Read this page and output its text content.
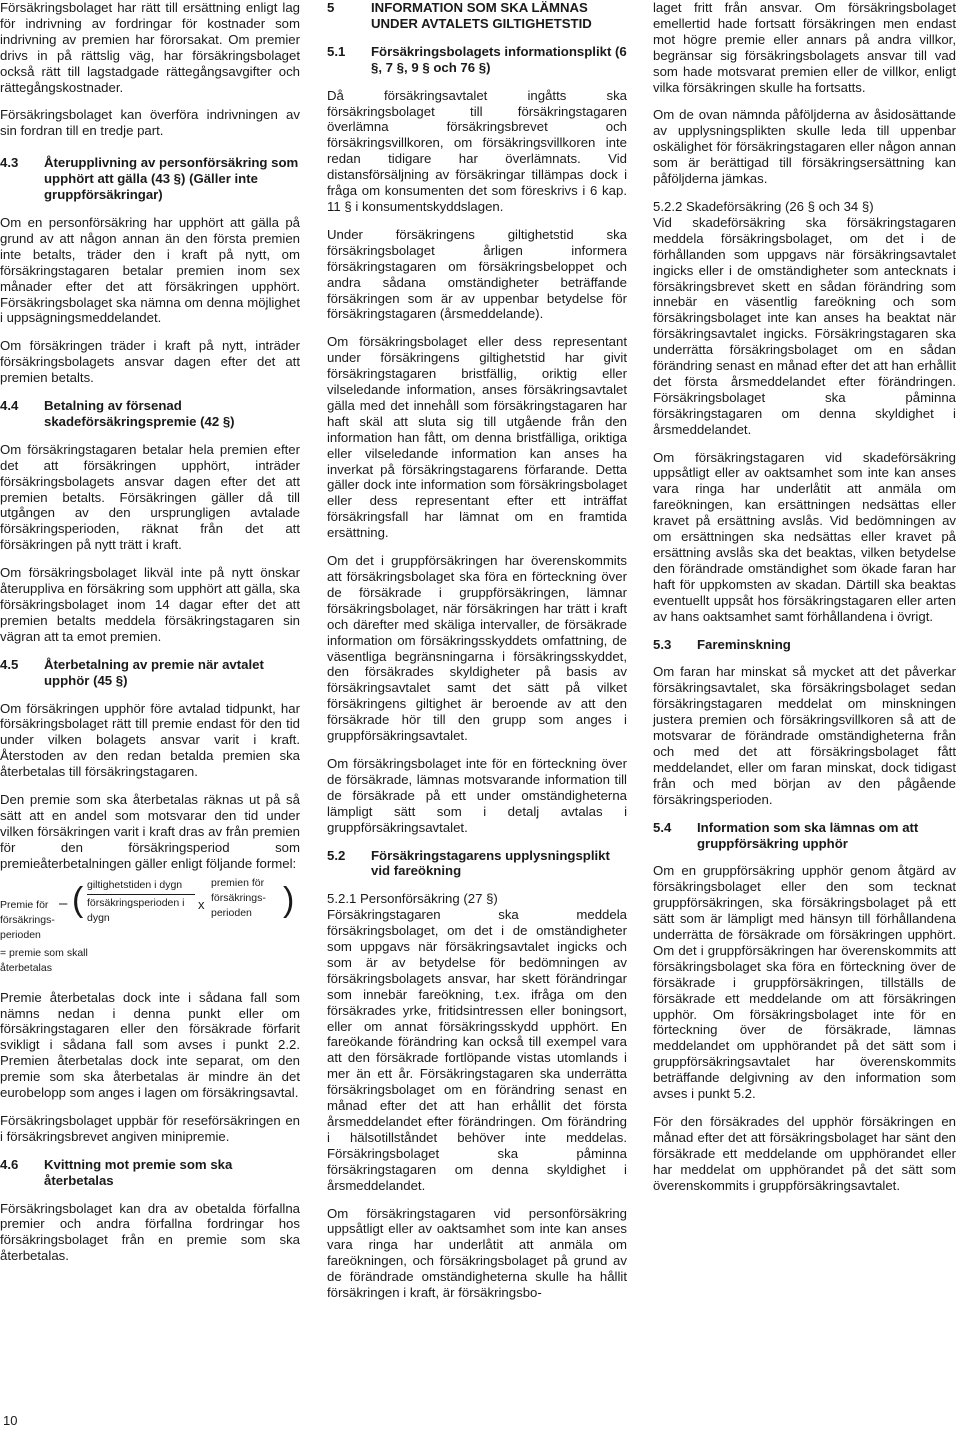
Försäkringsbolaget har rätt till ersättning enligt lag för indrivning av fordringar för kostnader som indrivning av premien har förorsakat. Om premier drivs in på rättslig väg, har försäkringsbolaget också rätt till lagstadgade rättegångsavgifter och rättegångskostnader.

Försäkringsbolaget kan överföra indrivningen av sin fordran till en tredje part.

4.3	Återupplivning av personförsäkring som upphört att gälla (43 §) (Gäller inte gruppförsäkringar)

Om en personförsäkring har upphört att gälla på grund av att någon annan än den första premien inte betalts, träder den i kraft på nytt, om försäkringstagaren betalar premien inom sex månader efter det att försäkringen upphört. Försäkringsbolaget ska nämna om denna möjlighet i uppsägningsmeddelandet.

Om försäkringen träder i kraft på nytt, inträder försäkringsbolagets ansvar dagen efter det att premien betalts.

4.4	Betalning av försenad skadeförsäkringspremie (42 §)

Om försäkringstagaren betalar hela premien efter det att försäkringen upphört, inträder försäkringsbolagets ansvar dagen efter det att premien betalts. Försäkringen gäller då till utgången av den ursprungligen avtalade försäkringsperioden, räknat från det att försäkringen på nytt trätt i kraft.

Om försäkringsbolaget likväl inte på nytt önskar återuppliva en försäkring som upphört att gälla, ska försäkringsbolaget inom 14 dagar efter det att premien betalts meddela försäkringstagaren sin vägran att ta emot premien.

4.5	Återbetalning av premie när avtalet upphör (45 §)

Om försäkringen upphör före avtalad tidpunkt, har försäkringsbolaget rätt till premie endast för den tid under vilken bolagets ansvar varit i kraft. Återstoden av den redan betalda premien ska återbetalas till försäkringstagaren.

Den premie som ska återbetalas räknas ut på så sätt att en andel som motsvarar den tid under vilken försäkringen varit i kraft dras av från premien för den försäkringsperiod som premieåterbetalningen gäller enligt följande formel:

Premie för försäkrings-perioden
– ( giltighetstiden i dygn
försäkringsperioden i dygn
x
premien för försäkrings-perioden )
= premie som skall återbetalas

Premie återbetalas dock inte i sådana fall som nämns nedan i denna punkt eller om försäkringstagaren eller den försäkrade förfarit svikligt i sådana fall som avses i punkt 2.2. Premien återbetalas dock inte separat, om den premie som ska återbetalas är mindre än det eurobelopp som anges i lagen om försäkringsavtal.

Försäkringsbolaget uppbär för reseförsäkringen en i försäkringsbrevet angiven minipremie.

4.6	Kvittning mot premie som ska återbetalas

Försäkringsbolaget kan dra av obetalda förfallna premier och andra förfallna fordringar hos försäkringsbolaget från en premie som ska återbetalas.

5	INFORMATION SOM SKA LÄMNAS UNDER AVTALETS GILTIGHETSTID
5.1	Försäkringsbolagets informationsplikt (6 §, 7 §, 9 § och 76 §)

Då försäkringsavtalet ingåtts ska försäkringsbolaget till försäkringstagaren överlämna försäkringsbrevet och försäkringsvillkoren, om försäkringsvillkoren inte redan tidigare har överlämnats. Vid distansförsäljning av försäkringar tillämpas dock i fråga om konsumenten det som föreskrivs i 6 kap. 11 § i konsumentskyddslagen.

Under försäkringens giltighetstid ska försäkringsbolaget årligen informera försäkringstagaren om försäkringsbeloppet och andra sådana omständigheter beträffande försäkringen som är av uppenbar betydelse för försäkringstagaren (årsmeddelande).

Om försäkringsbolaget eller dess representant under försäkringens giltighetstid har givit försäkringstagaren bristfällig, oriktig eller vilseledande information, anses försäkringsavtalet gälla med det innehåll som försäkringstagaren har haft skäl att sluta sig till utgående från den information han fått, om denna bristfälliga, oriktiga eller vilseledande information kan anses ha inverkat på försäkringstagarens förfarande. Detta gäller dock inte information som försäkringsbolaget eller dess representant efter ett inträffat försäkringsfall har lämnat om en framtida ersättning.

Om det i gruppförsäkringen har överenskommits att försäkringsbolaget ska föra en förteckning över de försäkrade i gruppförsäkringen, lämnar försäkringsbolaget, när försäkringen har trätt i kraft och därefter med skäliga intervaller, de försäkrade information om försäkringsskyddets omfattning, de väsentliga begränsningarna i försäkringsskyddet, den försäkrades skyldigheter på basis av försäkringsavtalet samt det sätt på vilket försäkringens giltighet är beroende av att den försäkrade hör till den grupp som anges i gruppförsäkringsavtalet.

Om försäkringsbolaget inte för en förteckning över de försäkrade, lämnas motsvarande information till de försäkrade på ett under omständigheterna lämpligt sätt som i detalj avtalas i gruppförsäkringsavtalet.

5.2	Försäkringstagarens upplysningsplikt vid fareökning
5.2.1 Personförsäkring (27 §)

Försäkringstagaren ska meddela försäkringsbolaget, om det i de omständigheter som uppgavs när försäkringsavtalet ingicks och som är av betydelse för bedömningen av försäkringsbolagets ansvar, har skett förändringar som innebär fareökning, t.ex. ifråga om den försäkrades yrke, fritidsintressen eller boningsort, eller om annat försäkringsskydd upphört. En fareökande förändring kan också till exempel vara att den försäkrade fortlöpande vistas utomlands i mer än ett år. Försäkringstagaren ska underrätta försäkringsbolaget om en förändring senast en månad efter det att han erhållit det första årsmeddelandet efter förändringen. Om förändring i hälsotillståndet behöver inte meddelas. Försäkringsbolaget ska påminna försäkringstagaren om denna skyldighet i årsmeddelandet.

Om försäkringstagaren vid personförsäkring uppsåtligt eller av oaktsamhet som inte kan anses vara ringa har underlåtit att anmäla om fareökningen, och försäkringsbolaget på grund av de förändrade omständigheterna skulle ha hållit försäkringen i kraft, är försäkringsbo-

laget fritt från ansvar. Om försäkringsbolaget emellertid hade fortsatt försäkringen men endast mot högre premie eller annars på andra villkor, begränsar sig försäkringsbolagets ansvar till vad som hade motsvarat premien eller de villkor, enligt vilka försäkringen skulle ha fortsatts.

Om de ovan nämnda påföljderna av åsidosättande av upplysningsplikten skulle leda till uppenbar oskälighet för försäkringstagaren eller någon annan som är berättigad till försäkringsersättning kan påföljderna jämkas.

5.2.2 Skadeförsäkring (26 § och 34 §)

Vid skadeförsäkring ska försäkringstagaren meddela försäkringsbolaget, om det i de förhållanden som uppgavs när försäkringsavtalet ingicks eller i de omständigheter som antecknats i försäkringsbrevet skett en sådan förändring som innebär en väsentlig fareökning och som försäkringsbolaget inte kan anses ha beaktat när försäkringsavtalet ingicks. Försäkringstagaren ska underrätta försäkringsbolaget om en sådan förändring senast en månad efter det att han erhållit det första årsmeddelandet efter förändringen. Försäkringsbolaget ska påminna försäkringstagaren om denna skyldighet i årsmeddelandet.

Om försäkringstagaren vid skadeförsäkring uppsåtligt eller av oaktsamhet som inte kan anses vara ringa har underlåtit att anmäla om fareökningen, kan ersättningen nedsättas eller kravet på ersättning avslås. Vid bedömningen av om ersättningen ska nedsättas eller kravet på ersättning avslås ska det beaktas, vilken betydelse den förändrade omständighet som ökade faran har haft för uppkomsten av skadan. Därtill ska beaktas eventuellt uppsåt hos försäkringstagaren eller arten av hans oaktsamhet samt förhållandena i övrigt.

5.3	Fareminskning

Om faran har minskat så mycket att det påverkar försäkringsavtalet, ska försäkringsbolaget sedan försäkringstagaren meddelat om minskningen justera premien och försäkringsvillkoren så att de motsvarar de förändrade omständigheterna från och med det att försäkringsbolaget fått meddelandet, eller om faran minskat, dock tidigast från och med början av den pågående försäkringsperioden.

5.4	Information som ska lämnas om att gruppförsäkring upphör

Om en gruppförsäkring upphör genom åtgärd av försäkringsbolaget eller den som tecknat gruppförsäkringen, ska försäkringsbolaget på ett sätt som är lämpligt med hänsyn till förhållandena underrätta de försäkrade om försäkringen upphört. Om det i gruppförsäkringen har överenskommits att försäkringsbolaget ska föra en förteckning över de försäkrade i gruppförsäkringen, tillställs de försäkrade ett meddelande om att försäkringen upphör. Om försäkringsbolaget inte för en förteckning över de försäkrade, lämnas meddelandet om upphörandet på det sätt som i gruppförsäkringsavtalet har överenskommits beträffande delgivning av den information som avses i punkt 5.2.

För den försäkrades del upphör försäkringen en månad efter det att försäkringsbolaget har sänt den försäkrade ett meddelande om upphörandet eller har meddelat om upphörandet på det sätt som överenskommits i gruppförsäkringsavtalet.

10
